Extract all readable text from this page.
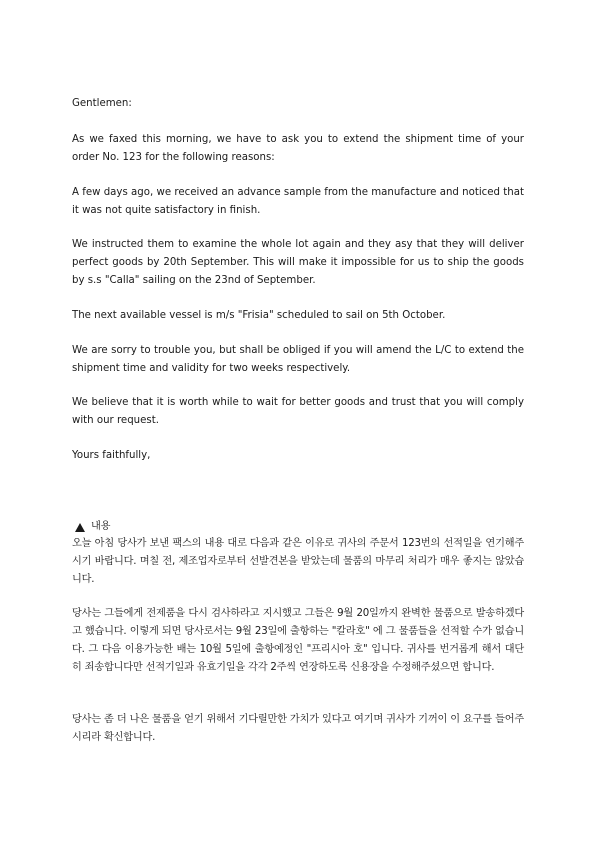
Gentlemen:

As we faxed this morning, we have to ask you to extend the shipment time of your order No. 123 for the following reasons:

A few days ago, we received an advance sample from the manufacture and noticed that it was not quite satisfactory in finish.

We instructed them to examine the whole lot again and they asy that they will deliver perfect goods by 20th September. This will make it impossible for us to ship the goods by s.s "Calla" sailing on the 23nd of September.

The next available vessel is m/s "Frisia" scheduled to sail on 5th October.

We are sorry to trouble you, but shall be obliged if you will amend the L/C to extend the shipment time and validity for two weeks respectively.

We believe that it is worth while to wait for better goods and trust that you will comply with our request.

Yours faithfully,
내용

오늘 아침 당사가 보낸 팩스의 내용 대로 다음과 같은 이유로 귀사의 주문서 123번의 선적일을 연기해주시기 바랍니다. 며칠 전, 제조업자로부터 선발견본을 받았는데 물품의 마무리 처리가 매우 좋지는 않았습니다.

당사는 그들에게 전제품을 다시 검사하라고 지시했고 그들은 9월 20일까지 완벽한 물품으로 발송하겠다고 했습니다. 이렇게 되면 당사로서는 9월 23일에 출항하는 "칼라호" 에 그 물품들을 선적할 수가 없습니다. 그 다음 이용가능한 배는 10월 5일에 출항예정인 "프리시아 호" 입니다. 귀사를 번거롭게 해서 대단히 죄송합니다만 선적기일과 유효기일을 각각 2주씩 연장하도록 신용장을 수정해주셨으면 합니다.

당사는 좀 더 나은 물품을 얻기 위해서 기다릴만한 가치가 있다고 여기며 귀사가 기꺼이 이 요구를 들어주시리라 확신합니다.
